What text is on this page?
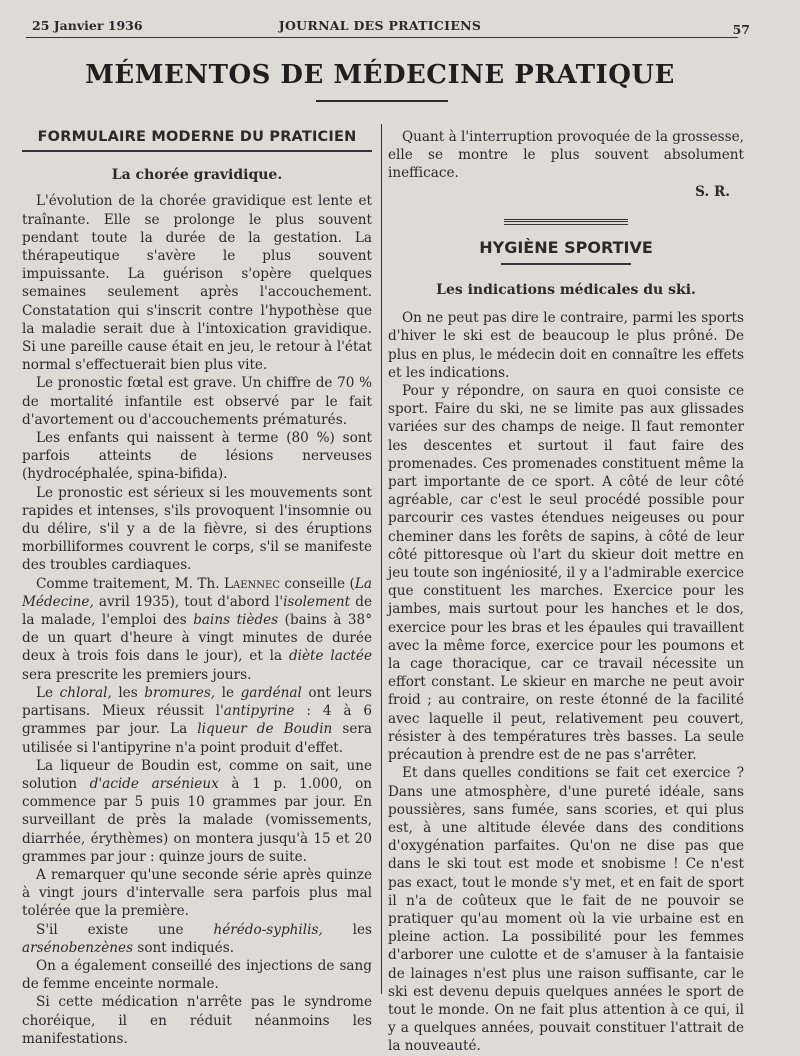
25 Janvier 1936	JOURNAL DES PRATICIENS	57
MÉMENTOS DE MÉDECINE PRATIQUE
FORMULAIRE MODERNE DU PRATICIEN
La chorée gravidique.

L'évolution de la chorée gravidique est lente et traînante. Elle se prolonge le plus souvent pendant toute la durée de la gestation. La thérapeutique s'avère le plus souvent impuissante. La guérison s'opère quelques semaines seulement après l'accouchement. Constatation qui s'inscrit contre l'hypothèse que la maladie serait due à l'intoxication gravidique. Si une pareille cause était en jeu, le retour à l'état normal s'effectuerait bien plus vite.

Le pronostic fœtal est grave. Un chiffre de 70 % de mortalité infantile est observé par le fait d'avortement ou d'accouchements prématurés.

Les enfants qui naissent à terme (80 %) sont parfois atteints de lésions nerveuses (hydrocéphalée, spina-bifida).

Le pronostic est sérieux si les mouvements sont rapides et intenses, s'ils provoquent l'insomnie ou du délire, s'il y a de la fièvre, si des éruptions morbilliformes couvrent le corps, s'il se manifeste des troubles cardiaques.

Comme traitement, M. Th. Laennec conseille (La Médecine, avril 1935), tout d'abord l'isolement de la malade, l'emploi des bains tièdes (bains à 38° de un quart d'heure à vingt minutes de durée deux à trois fois dans le jour), et la diète lactée sera prescrite les premiers jours.

Le chloral, les bromures, le gardénal ont leurs partisans. Mieux réussit l'antipyrine : 4 à 6 grammes par jour. La liqueur de Boudin sera utilisée si l'antipyrine n'a point produit d'effet.

La liqueur de Boudin est, comme on sait, une solution d'acide arsénieux à 1 p. 1.000, on commence par 5 puis 10 grammes par jour. En surveillant de près la malade (vomissements, diarrhée, érythèmes) on montera jusqu'à 15 et 20 grammes par jour : quinze jours de suite.

A remarquer qu'une seconde série après quinze à vingt jours d'intervalle sera parfois plus mal tolérée que la première.

S'il existe une hérédo-syphilis, les arsénobenzènes sont indiqués.

On a également conseillé des injections de sang de femme enceinte normale.

Si cette médication n'arrête pas le syndrome choréique, il en réduit néanmoins les manifestations.

Quant à l'interruption provoquée de la grossesse, elle se montre le plus souvent absolument inefficace.

S. R.

HYGIÈNE SPORTIVE
Les indications médicales du ski.

On ne peut pas dire le contraire, parmi les sports d'hiver le ski est de beaucoup le plus prôné. De plus en plus, le médecin doit en connaître les effets et les indications.

Pour y répondre, on saura en quoi consiste ce sport. Faire du ski, ne se limite pas aux glissades variées sur des champs de neige. Il faut remonter les descentes et surtout il faut faire des promenades. Ces promenades constituent même la part importante de ce sport. A côté de leur côté agréable, car c'est le seul procédé possible pour parcourir ces vastes étendues neigeuses ou pour cheminer dans les forêts de sapins, à côté de leur côté pittoresque où l'art du skieur doit mettre en jeu toute son ingéniosité, il y a l'admirable exercice que constituent les marches. Exercice pour les jambes, mais surtout pour les hanches et le dos, exercice pour les bras et les épaules qui travaillent avec la même force, exercice pour les poumons et la cage thoracique, car ce travail nécessite un effort constant. Le skieur en marche ne peut avoir froid ; au contraire, on reste étonné de la facilité avec laquelle il peut, relativement peu couvert, résister à des températures très basses. La seule précaution à prendre est de ne pas s'arrêter.

Et dans quelles conditions se fait cet exercice ? Dans une atmosphère, d'une pureté idéale, sans poussières, sans fumée, sans scories, et qui plus est, à une altitude élevée dans des conditions d'oxygénation parfaites. Qu'on ne dise pas que dans le ski tout est mode et snobisme ! Ce n'est pas exact, tout le monde s'y met, et en fait de sport il n'a de coûteux que le fait de ne pouvoir se pratiquer qu'au moment où la vie urbaine est en pleine action. La possibilité pour les femmes d'arborer une culotte et de s'amuser à la fantaisie de lainages n'est plus une raison suffisante, car le ski est devenu depuis quelques années le sport de tout le monde. On ne fait plus attention à ce qui, il y a quelques années, pouvait constituer l'attrait de la nouveauté.
